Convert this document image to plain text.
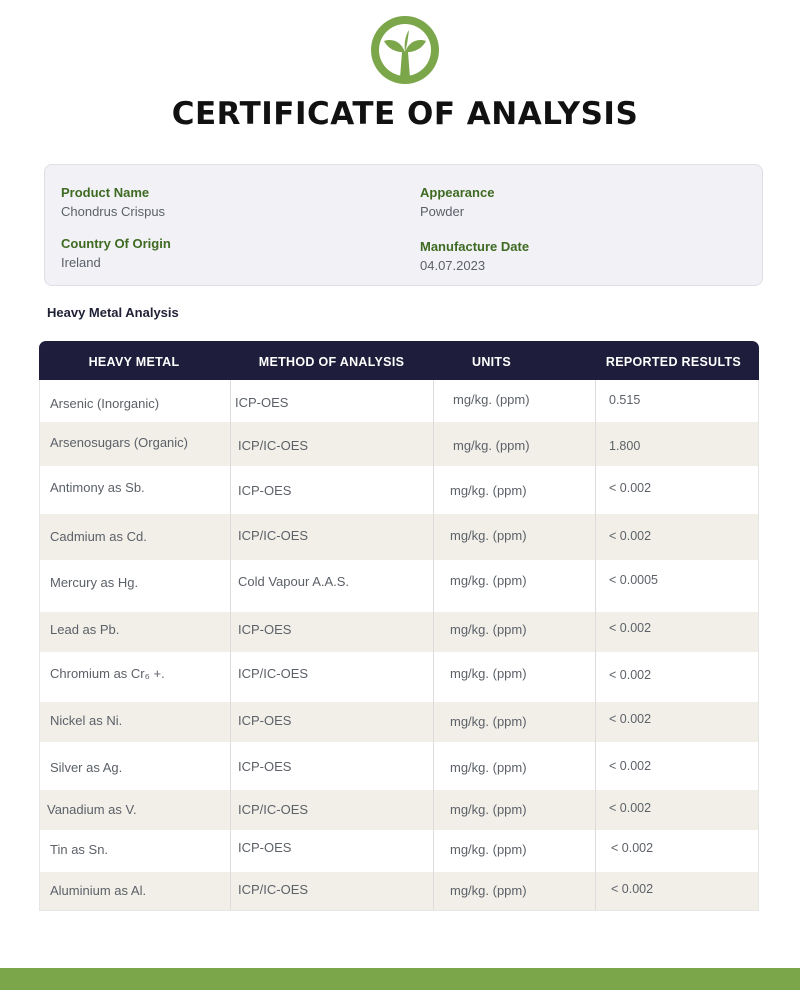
CERTIFICATE OF ANALYSIS
Product Name
Chondrus Crispus
Country Of Origin
Ireland
Appearance
Powder
Manufacture Date
04.07.2023
Heavy Metal Analysis
HEAVY METAL	METHOD OF ANALYSIS	UNITS	REPORTED RESULTS
Arsenic (Inorganic)	ICP-OES	mg/kg. (ppm)	0.515
Arsenosugars (Organic)	ICP/IC-OES	mg/kg. (ppm)	1.800
Antimony as Sb.	ICP-OES	mg/kg. (ppm)	< 0.002
Cadmium as Cd.	ICP/IC-OES	mg/kg. (ppm)	< 0.002
Mercury as Hg.	Cold Vapour A.A.S.	mg/kg. (ppm)	< 0.0005
Lead as Pb.	ICP-OES	mg/kg. (ppm)	< 0.002
Chromium as Cr₆ +.	ICP/IC-OES	mg/kg. (ppm)	< 0.002
Nickel as Ni.	ICP-OES	mg/kg. (ppm)	< 0.002
Silver as Ag.	ICP-OES	mg/kg. (ppm)	< 0.002
Vanadium as V.	ICP/IC-OES	mg/kg. (ppm)	< 0.002
Tin as Sn.	ICP-OES	mg/kg. (ppm)	< 0.002
Aluminium as Al.	ICP/IC-OES	mg/kg. (ppm)	< 0.002
